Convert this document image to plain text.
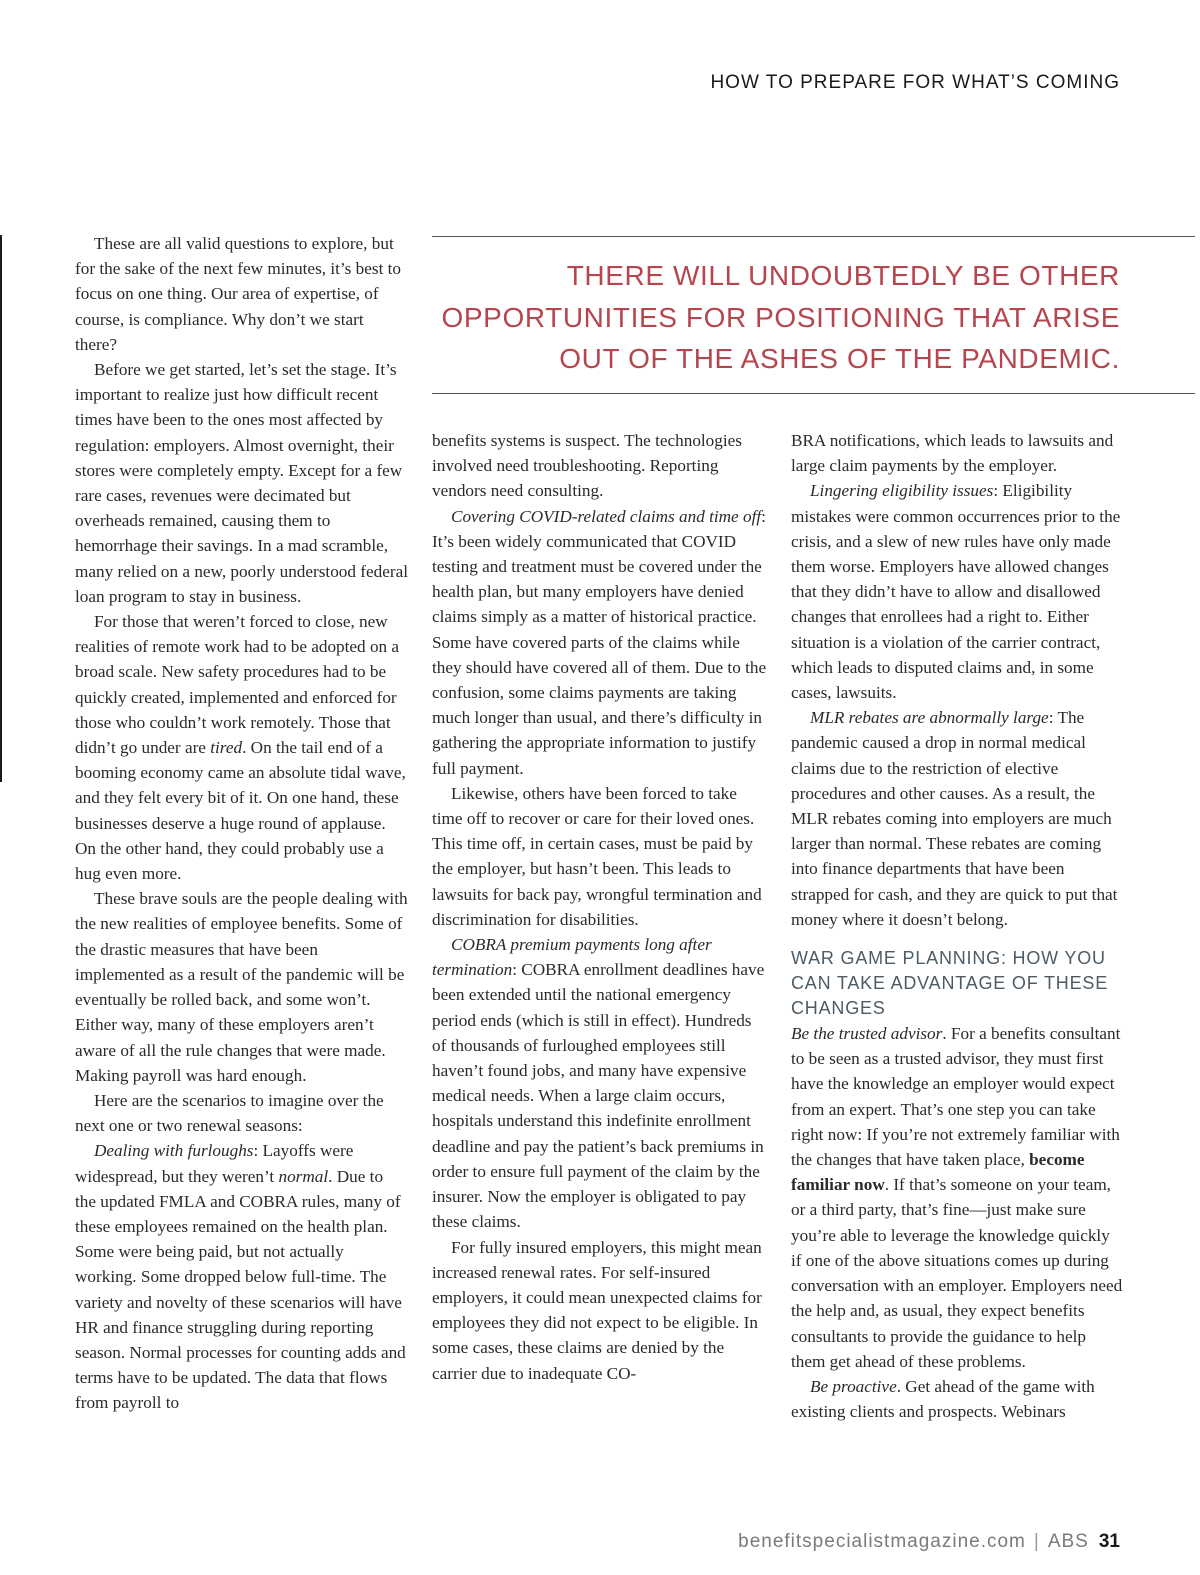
HOW TO PREPARE FOR WHAT’S COMING
THERE WILL UNDOUBTEDLY BE OTHER OPPORTUNITIES FOR POSITIONING THAT ARISE OUT OF THE ASHES OF THE PANDEMIC.

These are all valid questions to explore, but for the sake of the next few minutes, it’s best to focus on one thing. Our area of expertise, of course, is compliance. Why don’t we start there?

Before we get started, let’s set the stage. It’s important to realize just how difficult recent times have been to the ones most affected by regulation: employers. Almost overnight, their stores were completely empty. Except for a few rare cases, revenues were decimated but overheads remained, causing them to hemorrhage their savings. In a mad scramble, many relied on a new, poorly understood federal loan program to stay in business.

For those that weren’t forced to close, new realities of remote work had to be adopted on a broad scale. New safety procedures had to be quickly created, implemented and enforced for those who couldn’t work remotely. Those that didn’t go under are tired. On the tail end of a booming economy came an absolute tidal wave, and they felt every bit of it. On one hand, these businesses deserve a huge round of applause. On the other hand, they could probably use a hug even more.

These brave souls are the people dealing with the new realities of employee benefits. Some of the drastic measures that have been implemented as a result of the pandemic will be eventually be rolled back, and some won’t. Either way, many of these employers aren’t aware of all the rule changes that were made. Making payroll was hard enough.

Here are the scenarios to imagine over the next one or two renewal seasons:

Dealing with furloughs: Layoffs were widespread, but they weren’t normal. Due to the updated FMLA and COBRA rules, many of these employees remained on the health plan. Some were being paid, but not actually working. Some dropped below full-time. The variety and novelty of these scenarios will have HR and finance struggling during reporting season. Normal processes for counting adds and terms have to be updated. The data that flows from payroll to

benefits systems is suspect. The technologies involved need troubleshooting. Reporting vendors need consulting.

Covering COVID-related claims and time off: It’s been widely communicated that COVID testing and treatment must be covered under the health plan, but many employers have denied claims simply as a matter of historical practice. Some have covered parts of the claims while they should have covered all of them. Due to the confusion, some claims payments are taking much longer than usual, and there’s difficulty in gathering the appropriate information to justify full payment.

Likewise, others have been forced to take time off to recover or care for their loved ones. This time off, in certain cases, must be paid by the employer, but hasn’t been. This leads to lawsuits for back pay, wrongful termination and discrimination for disabilities.

COBRA premium payments long after termination: COBRA enrollment deadlines have been extended until the national emergency period ends (which is still in effect). Hundreds of thousands of furloughed employees still haven’t found jobs, and many have expensive medical needs. When a large claim occurs, hospitals understand this indefinite enrollment deadline and pay the patient’s back premiums in order to ensure full payment of the claim by the insurer. Now the employer is obligated to pay these claims.

For fully insured employers, this might mean increased renewal rates. For self-insured employers, it could mean unexpected claims for employees they did not expect to be eligible. In some cases, these claims are denied by the carrier due to inadequate CO-

BRA notifications, which leads to lawsuits and large claim payments by the employer.

Lingering eligibility issues: Eligibility mistakes were common occurrences prior to the crisis, and a slew of new rules have only made them worse. Employers have allowed changes that they didn’t have to allow and disallowed changes that enrollees had a right to. Either situation is a violation of the carrier contract, which leads to disputed claims and, in some cases, lawsuits.

MLR rebates are abnormally large: The pandemic caused a drop in normal medical claims due to the restriction of elective procedures and other causes. As a result, the MLR rebates coming into employers are much larger than normal. These rebates are coming into finance departments that have been strapped for cash, and they are quick to put that money where it doesn’t belong.

WAR GAME PLANNING: HOW YOU CAN TAKE ADVANTAGE OF THESE CHANGES

Be the trusted advisor. For a benefits consultant to be seen as a trusted advisor, they must first have the knowledge an employer would expect from an expert. That’s one step you can take right now: If you’re not extremely familiar with the changes that have taken place, become familiar now. If that’s someone on your team, or a third party, that’s fine—just make sure you’re able to leverage the knowledge quickly if one of the above situations comes up during conversation with an employer. Employers need the help and, as usual, they expect benefits consultants to provide the guidance to help them get ahead of these problems.

Be proactive. Get ahead of the game with existing clients and prospects. Webinars

benefitspecialistmagazine.com | ABS 31
